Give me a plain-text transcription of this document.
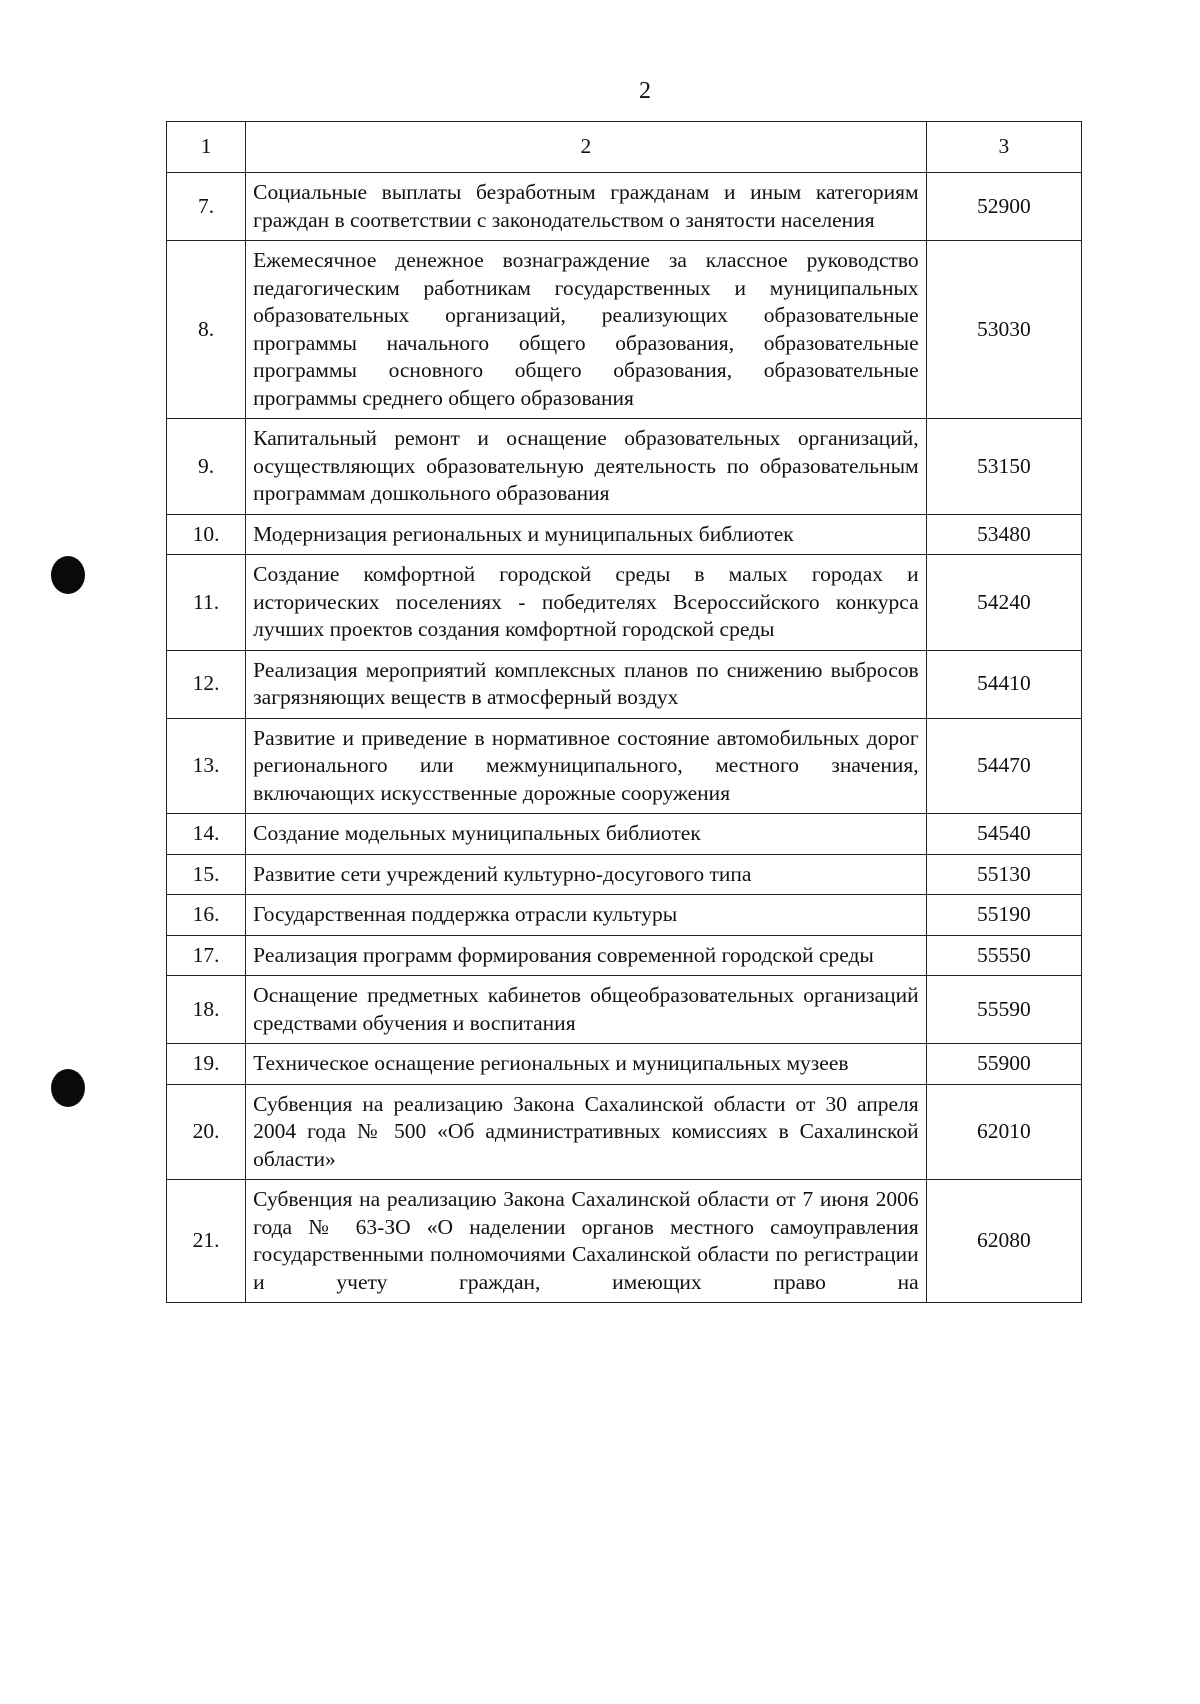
2
1	2	3
7.	Социальные выплаты безработным гражданам и иным категориям граждан в соответствии с законодательством о занятости населения	52900
8.	Ежемесячное денежное вознаграждение за классное руководство педагогическим работникам государственных и муниципальных образовательных организаций, реализующих образовательные программы начального общего образования, образовательные программы основного общего образования, образовательные программы среднего общего образования	53030
9.	Капитальный ремонт и оснащение образовательных организаций, осуществляющих образовательную деятельность по образовательным программам дошкольного образования	53150
10.	Модернизация региональных и муниципальных библиотек	53480
11.	Создание комфортной городской среды в малых городах и исторических поселениях - победителях Всероссийского конкурса лучших проектов создания комфортной городской среды	54240
12.	Реализация мероприятий комплексных планов по снижению выбросов загрязняющих веществ в атмосферный воздух	54410
13.	Развитие и приведение в нормативное состояние автомобильных дорог регионального или межмуниципального, местного значения, включающих искусственные дорожные сооружения	54470
14.	Создание модельных муниципальных библиотек	54540
15.	Развитие сети учреждений культурно-досугового типа	55130
16.	Государственная поддержка отрасли культуры	55190
17.	Реализация программ формирования современной городской среды	55550
18.	Оснащение предметных кабинетов общеобразовательных организаций средствами обучения и воспитания	55590
19.	Техническое оснащение региональных и муниципальных музеев	55900
20.	Субвенция на реализацию Закона Сахалинской области от 30 апреля 2004 года № 500 «Об административных комиссиях в Сахалинской области»	62010
21.	Субвенция на реализацию Закона Сахалинской области от 7 июня 2006 года № 63-ЗО «О наделении органов местного самоуправления государственными полномочиями Сахалинской области по регистрации и учету граждан, имеющих право на	62080
